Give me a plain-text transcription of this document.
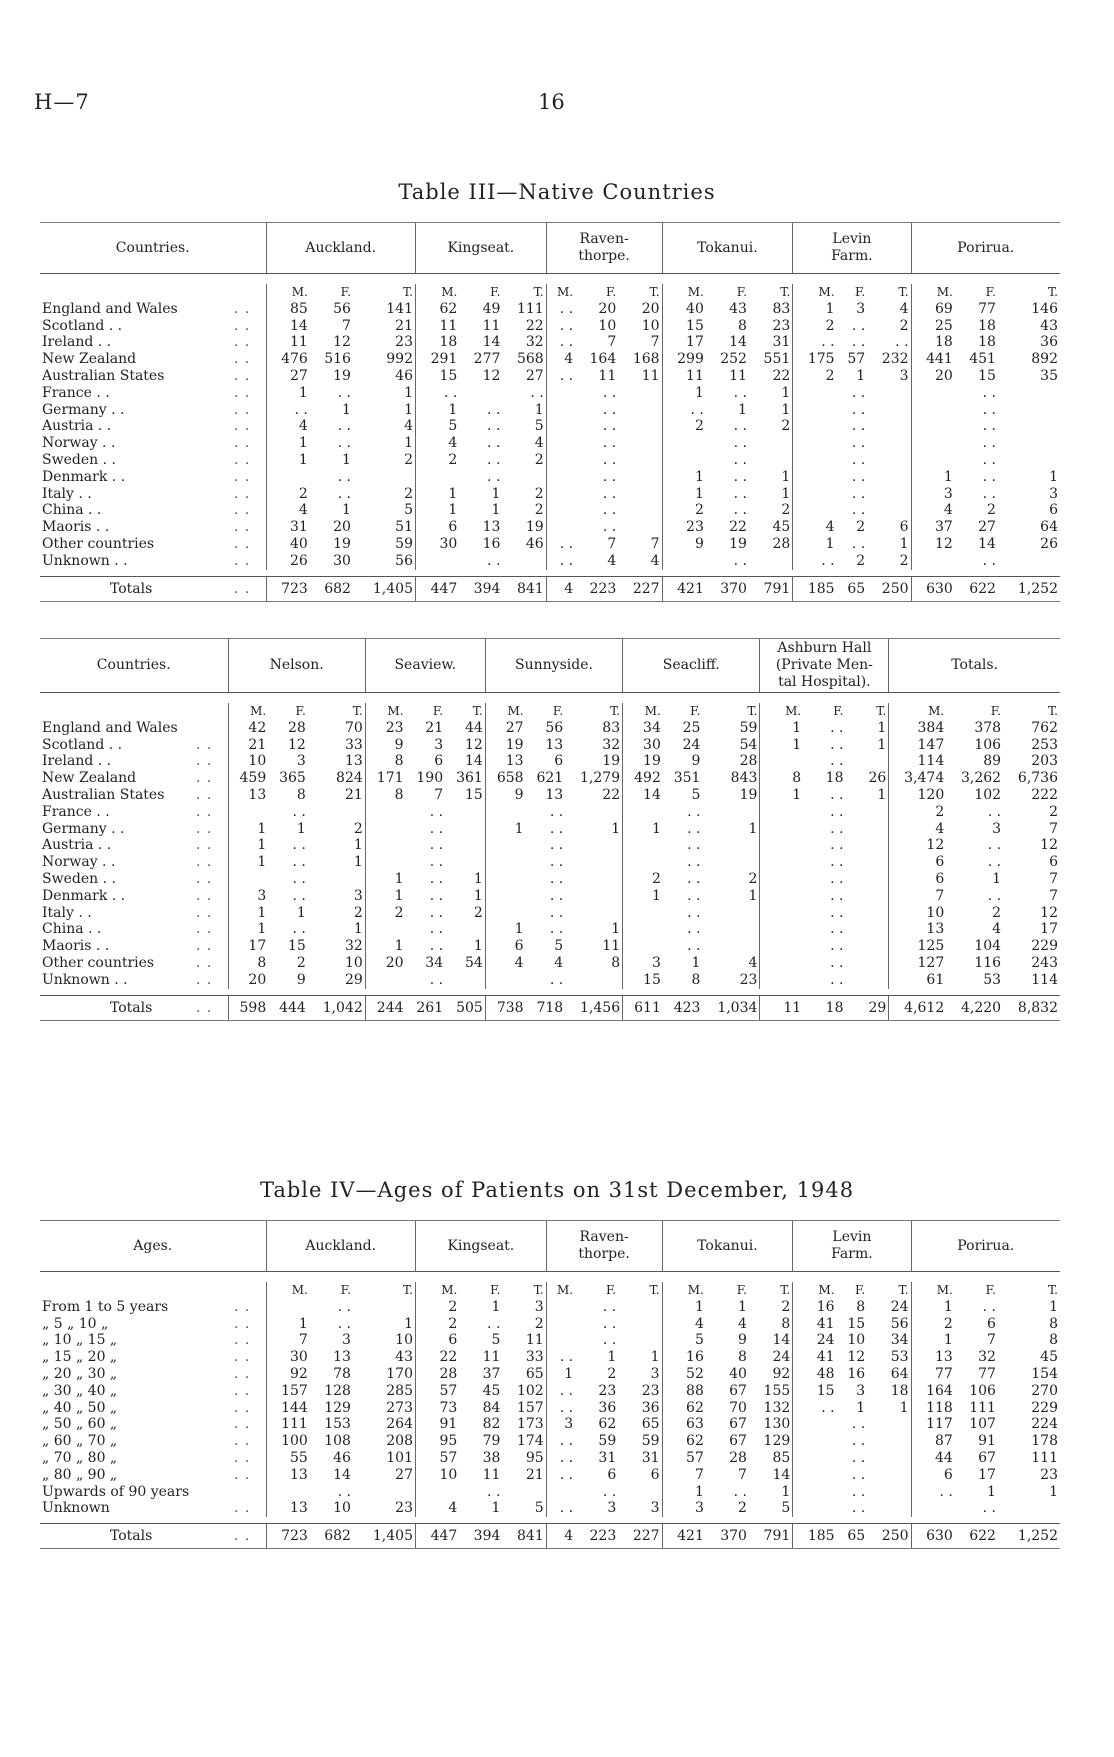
H—7	16
Table III—Native Countries
Countries.		Auckland.			Kingseat.			Raven-
thorpe.			Tokanui.			Levin
Farm.			Porirua.		

		M.	F.	T.	M.	F.	T.	M.	F.	T.	M.	F.	T.	M.	F.	T.	M.	F.	T.
England and Wales	. .	85	56	141	62	49	111	. .	20	20	40	43	83	1	3	4	69	77	146
Scotland . .	. .	14	7	21	11	11	22	. .	10	10	15	8	23	2	. .	2	25	18	43
Ireland . .	. .	11	12	23	18	14	32	. .	7	7	17	14	31	. .	. .	. .	18	18	36
New Zealand	. .	476	516	992	291	277	568	4	164	168	299	252	551	175	57	232	441	451	892
Australian States	. .	27	19	46	15	12	27	. .	11	11	11	11	22	2	1	3	20	15	35
France . .	. .	1	. .	1	. .		. .		. .		1	. .	1		. .			. .	
Germany . .	. .	. .	1	1	1	. .	1		. .		. .	1	1		. .			. .	
Austria . .	. .	4	. .	4	5	. .	5		. .		2	. .	2		. .			. .	
Norway . .	. .	1	. .	1	4	. .	4		. .			. .			. .			. .	
Sweden . .	. .	1	1	2	2	. .	2		. .			. .			. .			. .	
Denmark . .	. .		. .			. .			. .		1	. .	1		. .		1	. .	1
Italy . .	. .	2	. .	2	1	1	2		. .		1	. .	1		. .		3	. .	3
China . .	. .	4	1	5	1	1	2		. .		2	. .	2		. .		4	2	6
Maoris . .	. .	31	20	51	6	13	19		. .		23	22	45	4	2	6	37	27	64
Other countries	. .	40	19	59	30	16	46	. .	7	7	9	19	28	1	. .	1	12	14	26
Unknown . .	. .	26	30	56		. .		. .	4	4		. .		. .	2	2		. .	

Totals	. .	723	682	1,405	447	394	841	4	223	227	421	370	791	185	65	250	630	622	1,252
Countries.		Nelson.			Seaview.			Sunnyside.			Seacliff.			Ashburn Hall
(Private Men-
tal Hospital).			Totals.		

		M.	F.	T.	M.	F.	T.	M.	F.	T.	M.	F.	T.	M.	F.	T.	M.	F.	T.
England and Wales		42	28	70	23	21	44	27	56	83	34	25	59	1	. .	1	384	378	762
Scotland . .	. .	21	12	33	9	3	12	19	13	32	30	24	54	1	. .	1	147	106	253
Ireland . .	. .	10	3	13	8	6	14	13	6	19	19	9	28		. .		114	89	203
New Zealand	. .	459	365	824	171	190	361	658	621	1,279	492	351	843	8	18	26	3,474	3,262	6,736
Australian States	. .	13	8	21	8	7	15	9	13	22	14	5	19	1	. .	1	120	102	222
France . .	. .		. .			. .			. .			. .			. .		2	. .	2
Germany . .	. .	1	1	2		. .		1	. .	1	1	. .	1		. .		4	3	7
Austria . .	. .	1	. .	1		. .			. .			. .			. .		12	. .	12
Norway . .	. .	1	. .	1		. .			. .			. .			. .		6	. .	6
Sweden . .	. .		. .		1	. .	1		. .		2	. .	2		. .		6	1	7
Denmark . .	. .	3	. .	3	1	. .	1		. .		1	. .	1		. .		7	. .	7
Italy . .	. .	1	1	2	2	. .	2		. .			. .			. .		10	2	12
China . .	. .	1	. .	1		. .		1	. .	1		. .			. .		13	4	17
Maoris . .	. .	17	15	32	1	. .	1	6	5	11		. .			. .		125	104	229
Other countries	. .	8	2	10	20	34	54	4	4	8	3	1	4		. .		127	116	243
Unknown . .	. .	20	9	29		. .			. .		15	8	23		. .		61	53	114

Totals	. .	598	444	1,042	244	261	505	738	718	1,456	611	423	1,034	11	18	29	4,612	4,220	8,832
Table IV—Ages of Patients on 31st December, 1948
Ages.		Auckland.			Kingseat.			Raven-
thorpe.			Tokanui.			Levin
Farm.			Porirua.		

		M.	F.	T.	M.	F.	T.	M.	F.	T.	M.	F.	T.	M.	F.	T.	M.	F.	T.
From 1 to 5 years	. .		. .		2	1	3		. .		1	1	2	16	8	24	1	. .	1
„ 5 „ 10 „	. .	1	. .	1	2	. .	2		. .		4	4	8	41	15	56	2	6	8
„ 10 „ 15 „	. .	7	3	10	6	5	11		. .		5	9	14	24	10	34	1	7	8
„ 15 „ 20 „	. .	30	13	43	22	11	33	. .	1	1	16	8	24	41	12	53	13	32	45
„ 20 „ 30 „	. .	92	78	170	28	37	65	1	2	3	52	40	92	48	16	64	77	77	154
„ 30 „ 40 „	. .	157	128	285	57	45	102	. .	23	23	88	67	155	15	3	18	164	106	270
„ 40 „ 50 „	. .	144	129	273	73	84	157	. .	36	36	62	70	132	. .	1	1	118	111	229
„ 50 „ 60 „	. .	111	153	264	91	82	173	3	62	65	63	67	130		. .		117	107	224
„ 60 „ 70 „	. .	100	108	208	95	79	174	. .	59	59	62	67	129		. .		87	91	178
„ 70 „ 80 „	. .	55	46	101	57	38	95	. .	31	31	57	28	85		. .		44	67	111
„ 80 „ 90 „	. .	13	14	27	10	11	21	. .	6	6	7	7	14		. .		6	17	23
Upwards of 90 years			. .			. .			. .		1	. .	1		. .		. .	1	1
Unknown	. .	13	10	23	4	1	5	. .	3	3	3	2	5		. .			. .	

Totals	. .	723	682	1,405	447	394	841	4	223	227	421	370	791	185	65	250	630	622	1,252
